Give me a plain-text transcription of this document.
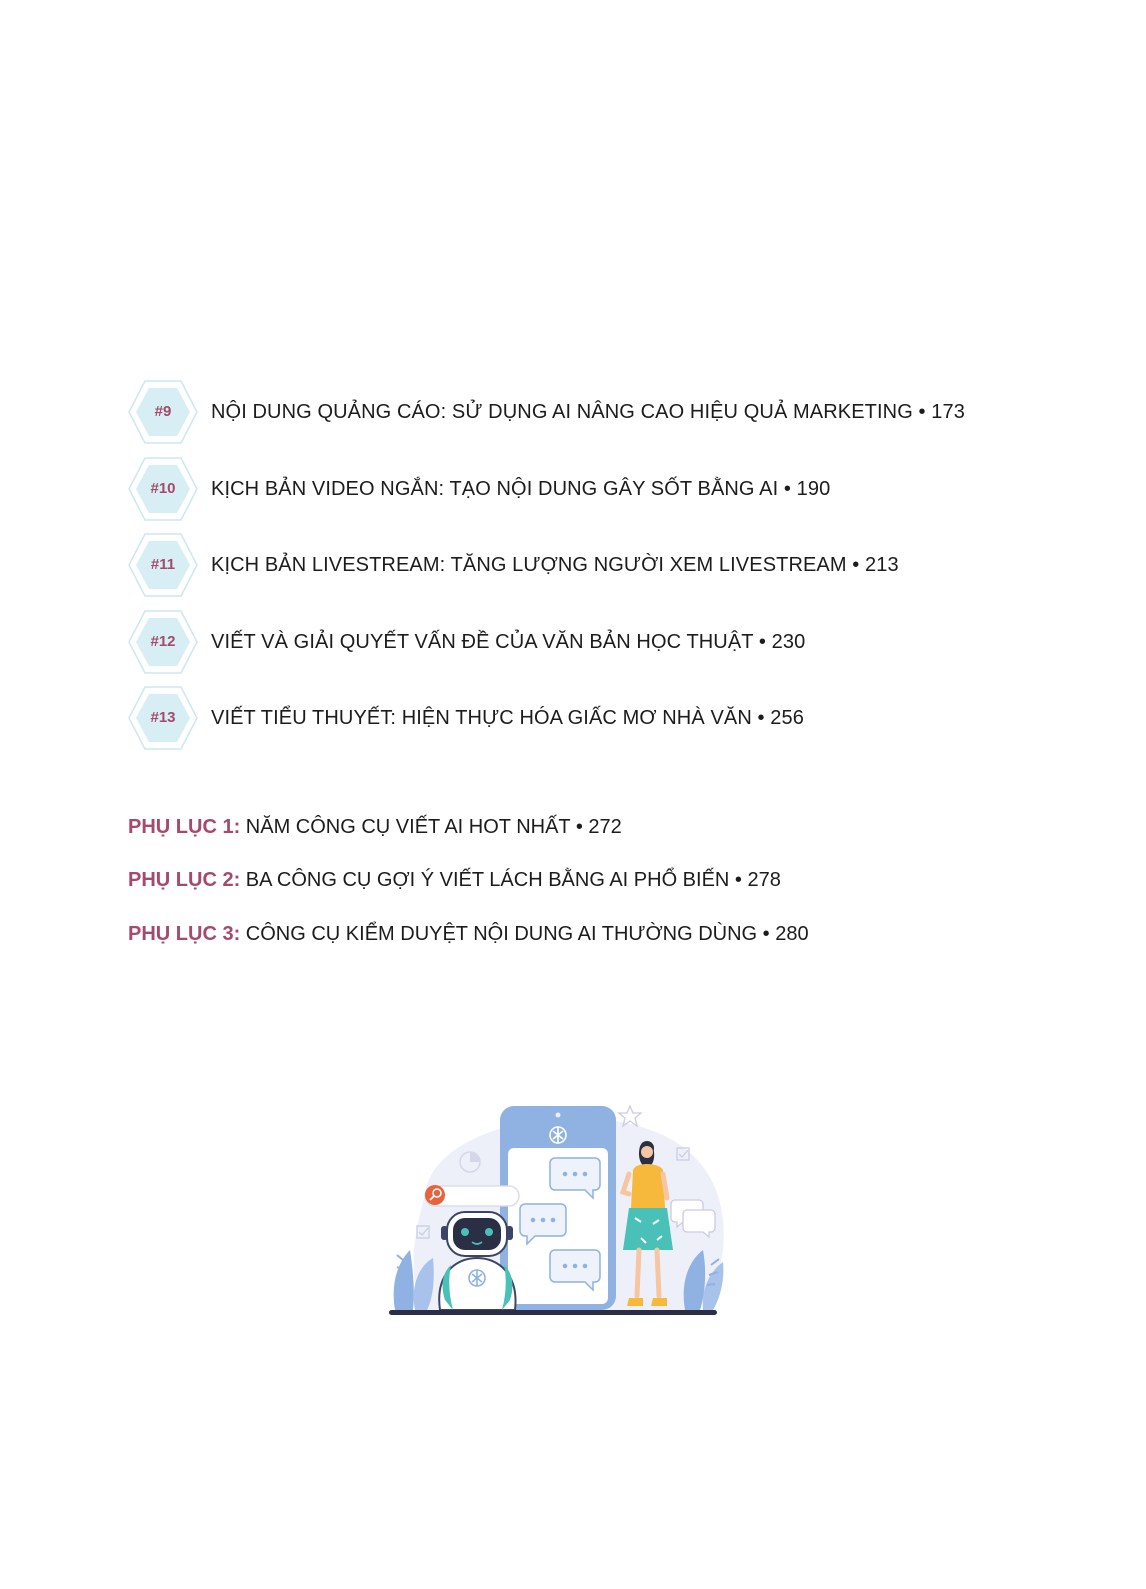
#9	NỘI DUNG QUẢNG CÁO: SỬ DỤNG AI NÂNG CAO HIỆU QUẢ MARKETING • 173
#10	KỊCH BẢN VIDEO NGẮN: TẠO NỘI DUNG GÂY SỐT BẰNG AI • 190
#11	KỊCH BẢN LIVESTREAM: TĂNG LƯỢNG NGƯỜI XEM LIVESTREAM • 213
#12	VIẾT VÀ GIẢI QUYẾT VẤN ĐỀ CỦA VĂN BẢN HỌC THUẬT • 230
#13	VIẾT TIỂU THUYẾT: HIỆN THỰC HÓA GIẤC MƠ NHÀ VĂN • 256
PHỤ LỤC 1: NĂM CÔNG CỤ VIẾT AI HOT NHẤT • 272
PHỤ LỤC 2: BA CÔNG CỤ GỢI Ý VIẾT LÁCH BẰNG AI PHỔ BIẾN • 278
PHỤ LỤC 3: CÔNG CỤ KIỂM DUYỆT NỘI DUNG AI THƯỜNG DÙNG • 280
